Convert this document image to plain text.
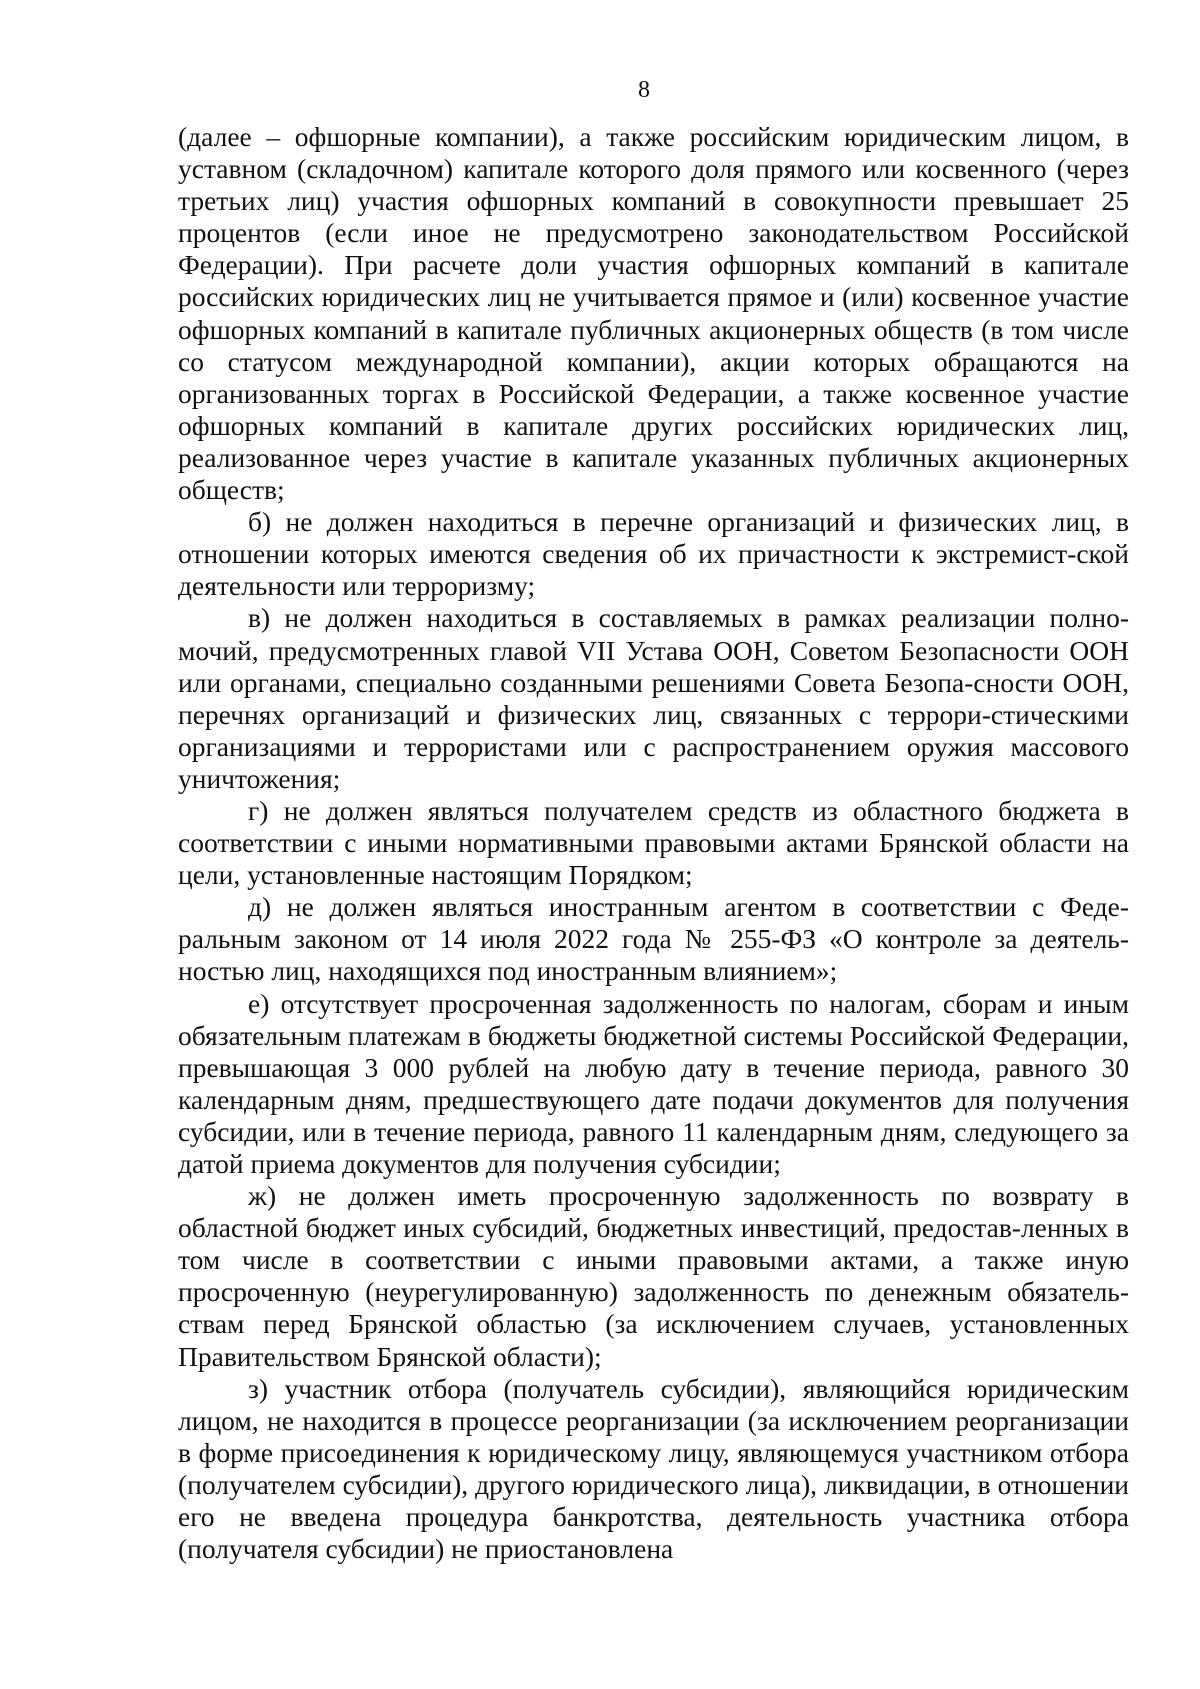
8

(далее – офшорные компании), а также российским юридическим лицом, в уставном (складочном) капитале которого доля прямого или косвенного (через третьих лиц) участия офшорных компаний в совокупности превышает 25 процентов (если иное не предусмотрено законодательством Российской Федерации). При расчете доли участия офшорных компаний в капитале российских юридических лиц не учитывается прямое и (или) косвенное участие офшорных компаний в капитале публичных акционерных обществ (в том числе со статусом международной компании), акции которых обращаются на организованных торгах в Российской Федерации, а также косвенное участие офшорных компаний в капитале других российских юридических лиц, реализованное через участие в капитале указанных публичных акционерных обществ;

б) не должен находиться в перечне организаций и физических лиц, в отношении которых имеются сведения об их причастности к экстремист-ской деятельности или терроризму;

в) не должен находиться в составляемых в рамках реализации полно-мочий, предусмотренных главой VII Устава ООН, Советом Безопасности ООН или органами, специально созданными решениями Совета Безопа-сности ООН, перечнях организаций и физических лиц, связанных с террори-стическими организациями и террористами или с распространением оружия массового уничтожения;

г) не должен являться получателем средств из областного бюджета в соответствии с иными нормативными правовыми актами Брянской области на цели, установленные настоящим Порядком;

д) не должен являться иностранным агентом в соответствии с Феде-ральным законом от 14 июля 2022 года № 255-ФЗ «О контроле за деятель-ностью лиц, находящихся под иностранным влиянием»;

е) отсутствует просроченная задолженность по налогам, сборам и иным обязательным платежам в бюджеты бюджетной системы Российской Федерации, превышающая 3 000 рублей на любую дату в течение периода, равного 30 календарным дням, предшествующего дате подачи документов для получения субсидии, или в течение периода, равного 11 календарным дням, следующего за датой приема документов для получения субсидии;

ж) не должен иметь просроченную задолженность по возврату в областной бюджет иных субсидий, бюджетных инвестиций, предостав-ленных в том числе в соответствии с иными правовыми актами, а также иную просроченную (неурегулированную) задолженность по денежным обязатель-ствам перед Брянской областью (за исключением случаев, установленных Правительством Брянской области);

з) участник отбора (получатель субсидии), являющийся юридическим лицом, не находится в процессе реорганизации (за исключением реорганизации в форме присоединения к юридическому лицу, являющемуся участником отбора (получателем субсидии), другого юридического лица), ликвидации, в отношении его не введена процедура банкротства, деятельность участника отбора (получателя субсидии) не приостановлена
